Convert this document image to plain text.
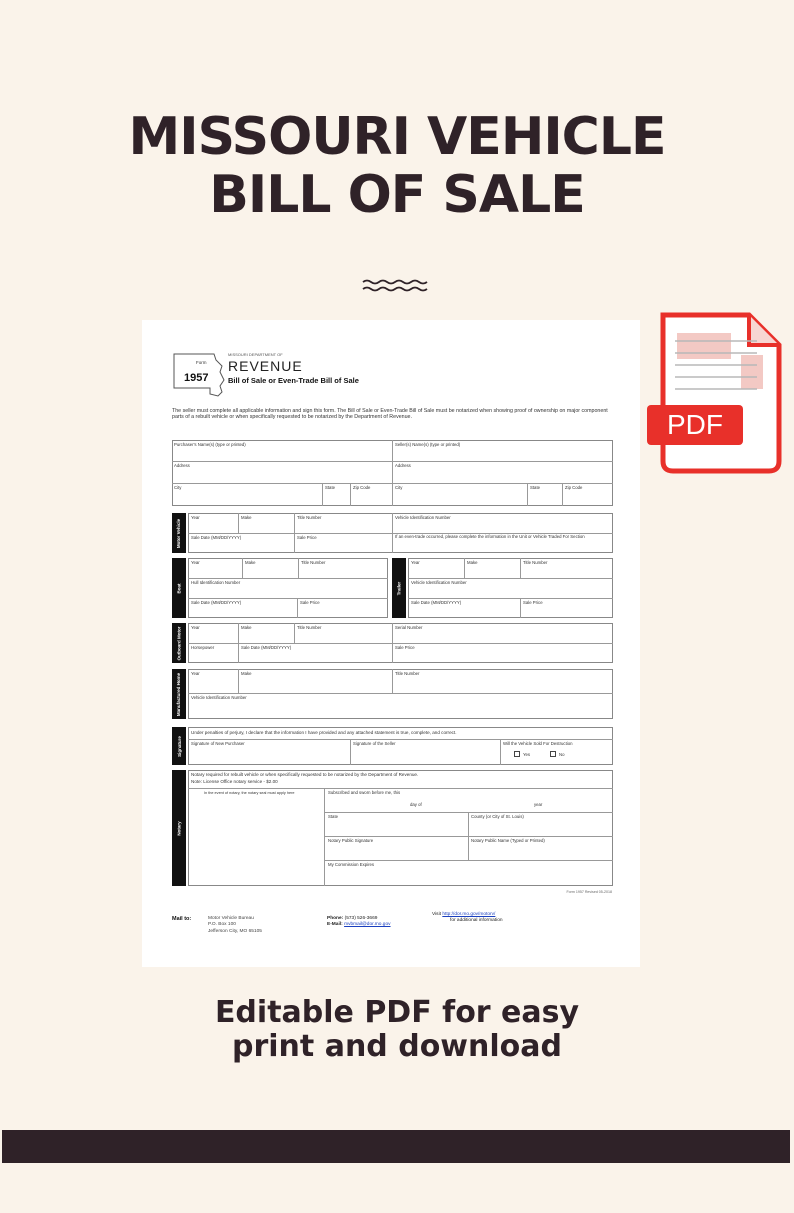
MISSOURI VEHICLE
BILL OF SALE
Form
1957
MISSOURI DEPARTMENT OF
REVENUE
Bill of Sale or Even-Trade Bill of Sale
The seller must complete all applicable information and sign this form. The Bill of Sale or Even-Trade Bill of Sale must be notarized when showing proof of ownership on major component parts of a rebuilt vehicle or when specifically requested to be notarized by the Department of Revenue.
Purchaser's Name(s) (type or printed)	Seller(s) Name(s) (type or printed)
Address	Address
City	State	Zip Code	City	State	Zip Code
Motor Vehicle
Year	Make	Title Number	Vehicle Identification Number
Sale Date (MM/DD/YYYY)	Sale Price	If an even-trade occurred, please complete the information in the Unit or Vehicle Traded For Section
Boat
Year	Make	Title Number
Hull Identification Number
Sale Date (MM/DD/YYYY)	Sale Price
Trailer
Year	Make	Title Number
Vehicle Identification Number
Sale Date (MM/DD/YYYY)	Sale Price
Outboard Motor Year	Make	Title Number	Serial Number
Horsepower	Sale Date (MM/DD/YYYY)	Sale Price
Manufactured Home Year	Make	Title Number
Vehicle Identification Number
Signature
Under penalties of perjury, I declare that the information I have provided and any attached statement is true, complete, and correct.
Signature of New Purchaser	Signature of the Seller	Will the Vehicle Sold For Destruction
Yes	No
Notary
Notary required for rebuilt vehicle or when specifically requested to be notarized by the Department of Revenue.
Note: License Office notary service - $2.00
In the event of notary, the notary seal must apply here	Subscribed and sworn before me, this
day of	year
State	County (or City of St. Louis)
Notary Public Signature	Notary Public Name (Typed or Printed)
My Commission Expires
Form 1957 Revised 05-2018
Mail to:	Motor Vehicle Bureau
P.O. Box 100
Jefferson City, MO 65105
Phone: (573) 526-3669
E-Mail: mvbmail@dor.mo.gov
Visit http://dor.mo.gov/motorv/
for additional information
PDF
Editable PDF for easy
print and download
